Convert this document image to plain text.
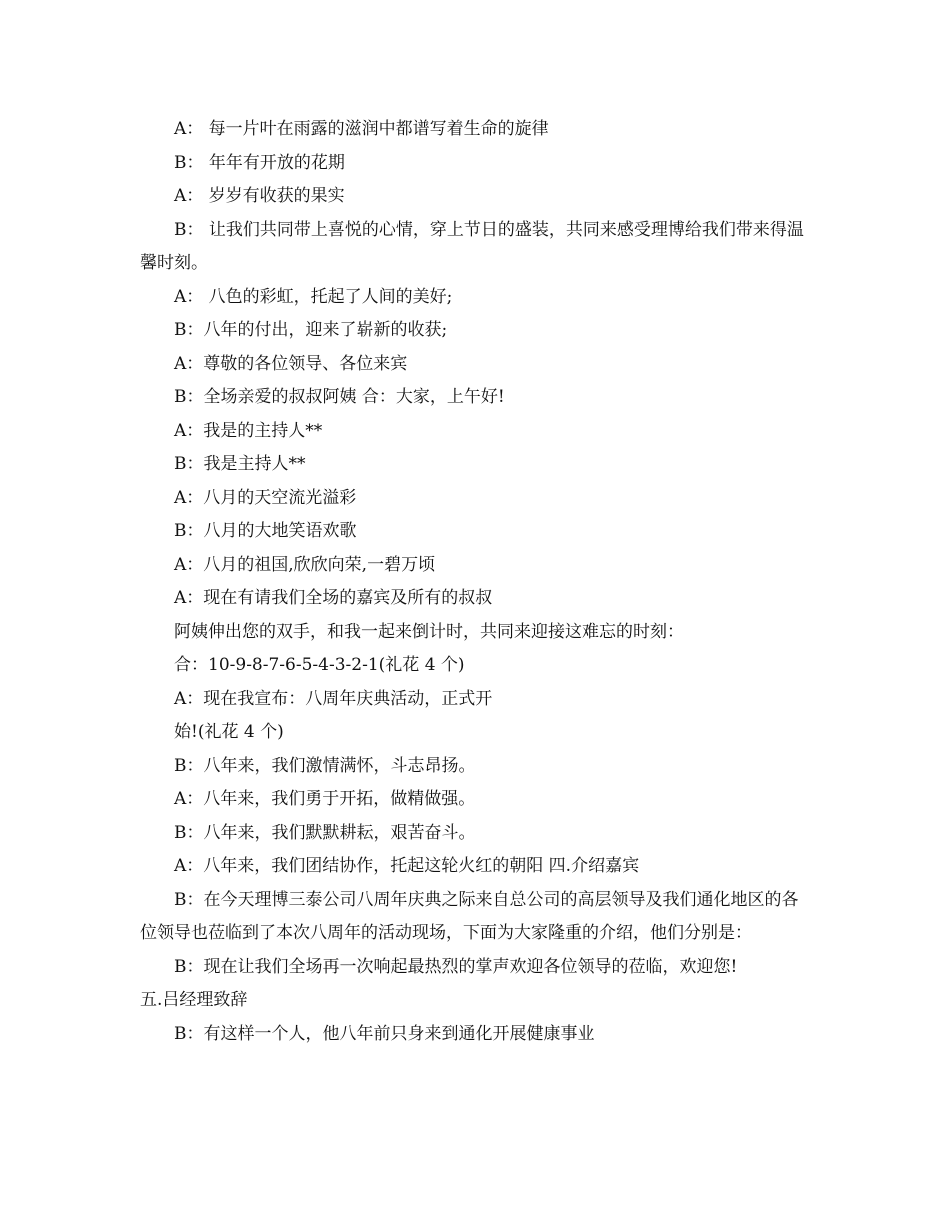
A： 每一片叶在雨露的滋润中都谱写着生命的旋律

B： 年年有开放的花期

A： 岁岁有收获的果实

B： 让我们共同带上喜悦的心情，穿上节日的盛装，共同来感受理博给我们带来得温馨时刻。

A： 八色的彩虹，托起了人间的美好;

B：八年的付出，迎来了崭新的收获;

A：尊敬的各位领导、各位来宾

B：全场亲爱的叔叔阿姨 合：大家，上午好!

A：我是的主持人**

B：我是主持人**

A：八月的天空流光溢彩

B：八月的大地笑语欢歌

A：八月的祖国,欣欣向荣,一碧万顷

A：现在有请我们全场的嘉宾及所有的叔叔

阿姨伸出您的双手，和我一起来倒计时，共同来迎接这难忘的时刻：

合：10-9-8-7-6-5-4-3-2-1(礼花 4 个)

A：现在我宣布：八周年庆典活动，正式开

始!(礼花 4 个)

B：八年来，我们激情满怀，斗志昂扬。

A：八年来，我们勇于开拓，做精做强。

B：八年来，我们默默耕耘，艰苦奋斗。

A：八年来，我们团结协作，托起这轮火红的朝阳 四.介绍嘉宾

B：在今天理博三泰公司八周年庆典之际来自总公司的高层领导及我们通化地区的各位领导也莅临到了本次八周年的活动现场，下面为大家隆重的介绍，他们分别是：

B：现在让我们全场再一次响起最热烈的掌声欢迎各位领导的莅临，欢迎您!

五.吕经理致辞

B：有这样一个人，他八年前只身来到通化开展健康事业
